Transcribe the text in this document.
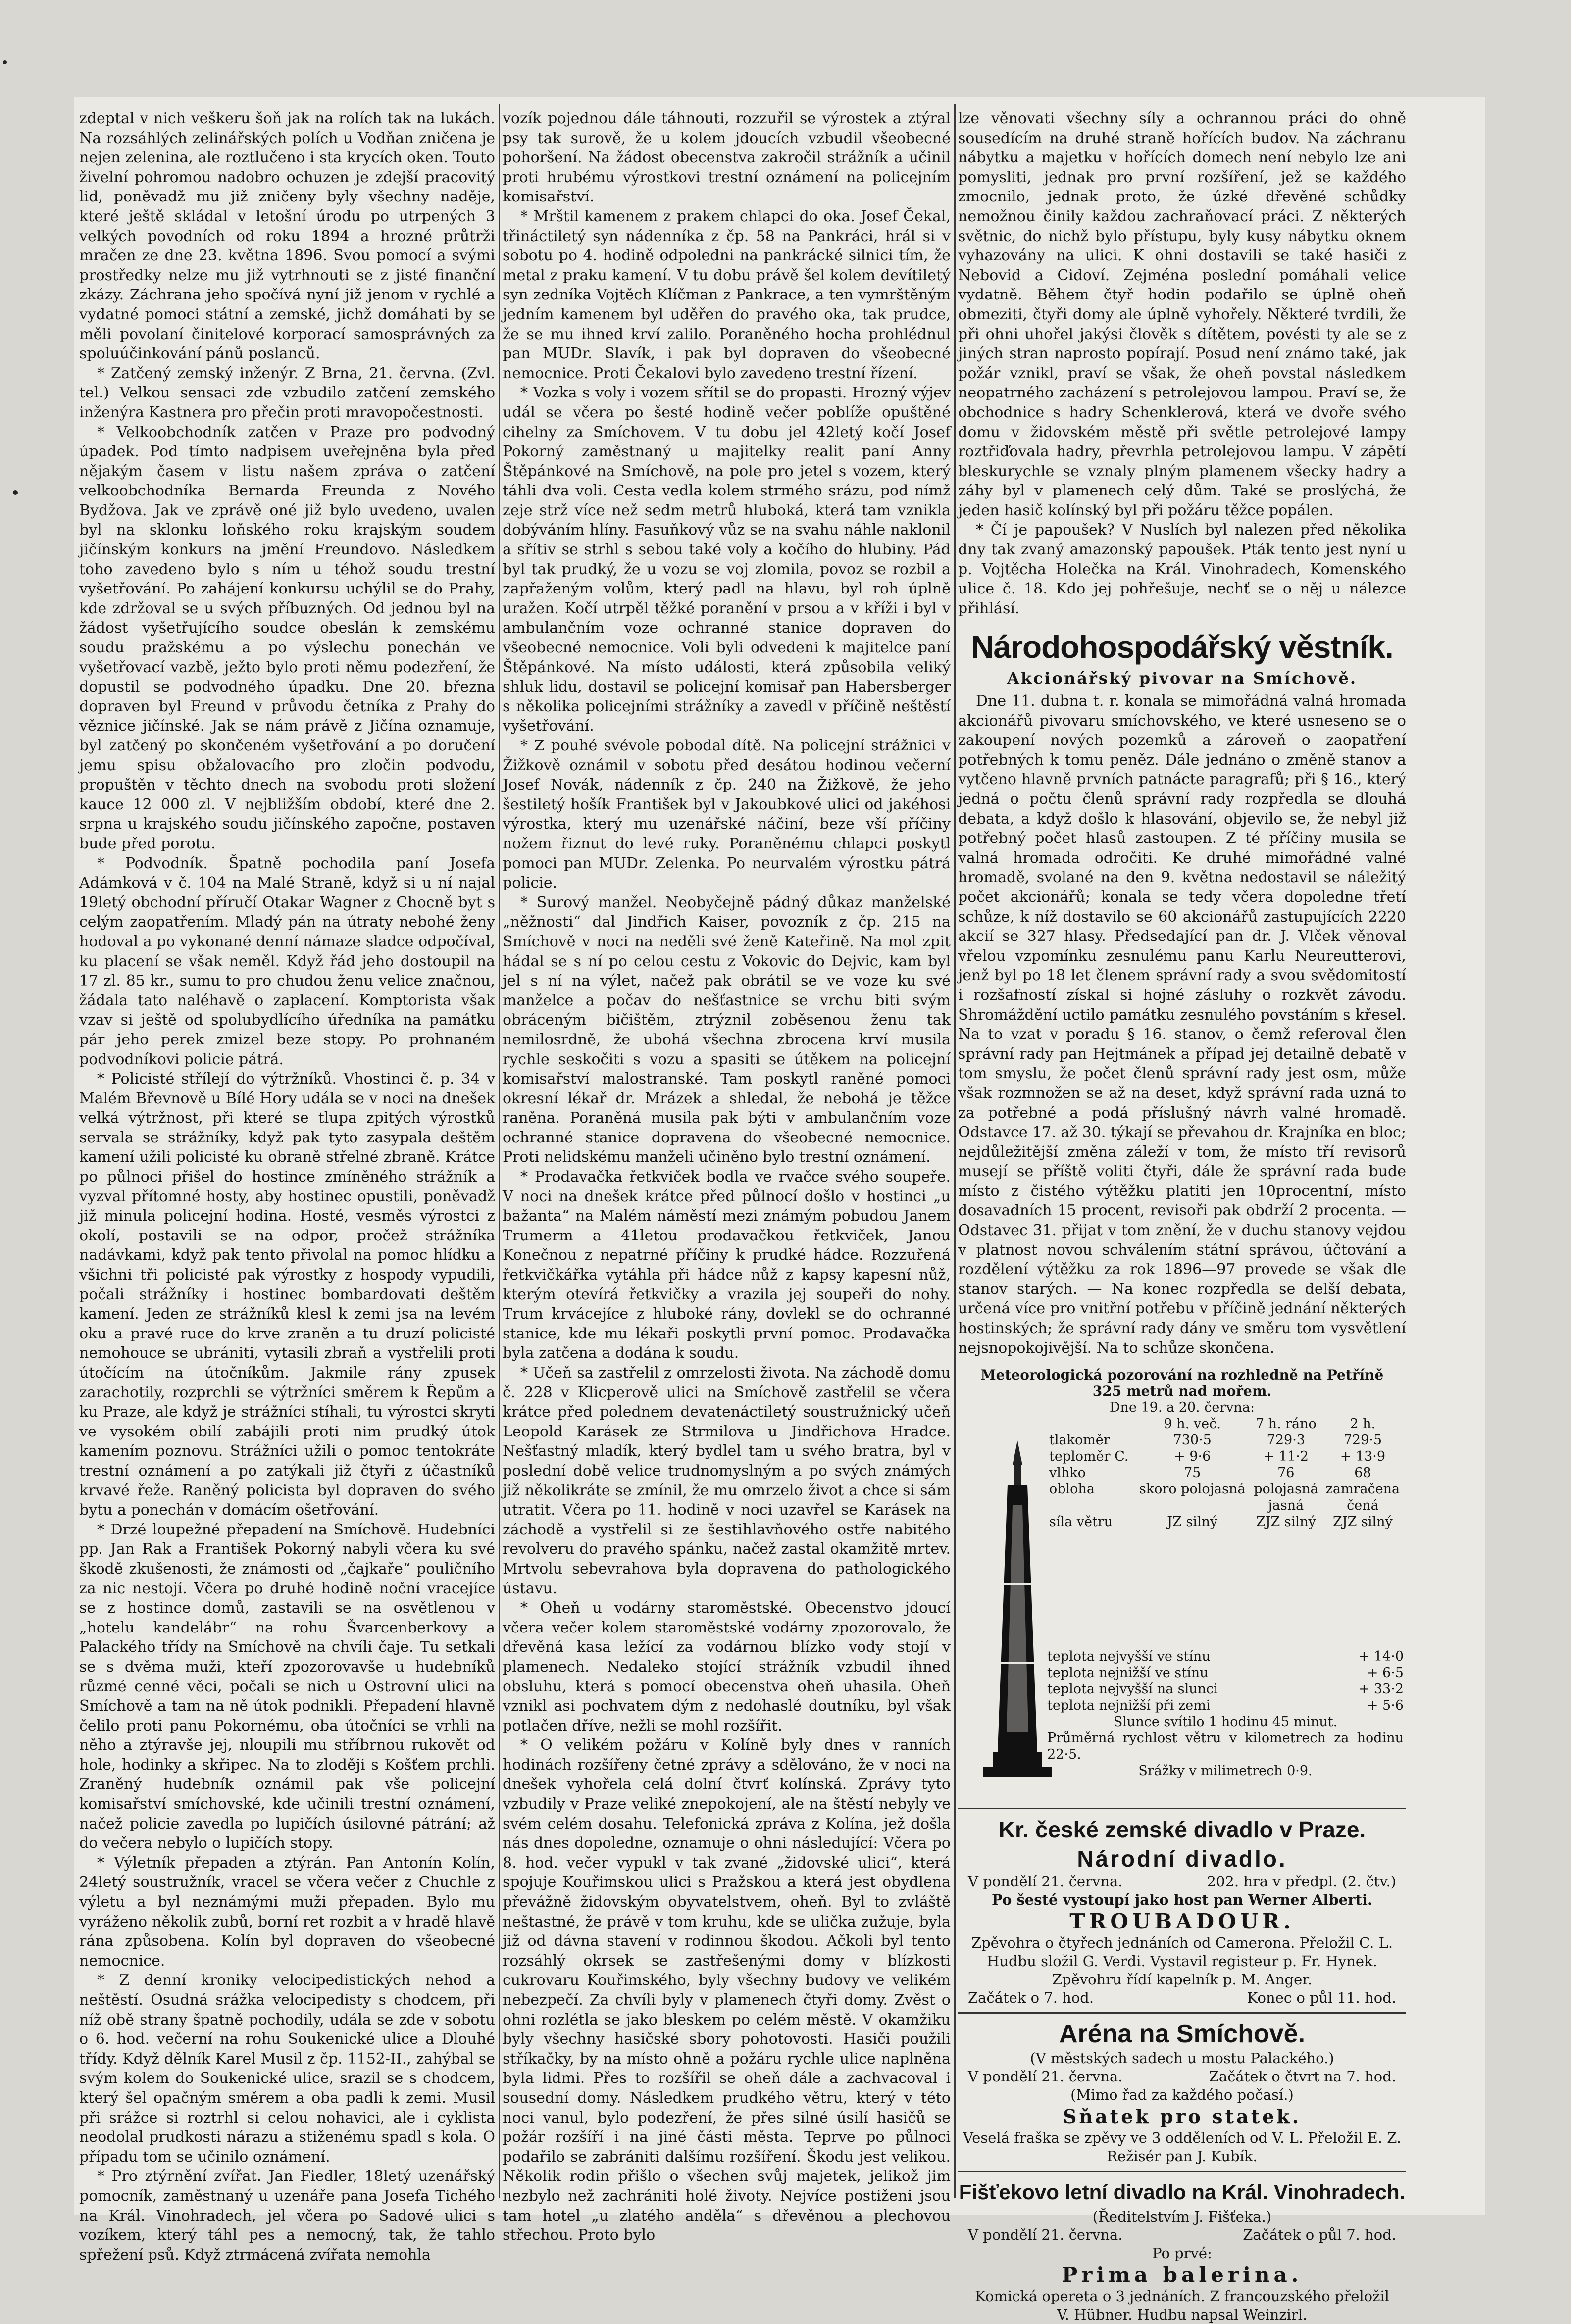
zdeptal v nich veškeru šoň jak na rolích tak na lukách. Na rozsáhlých zelinářských polích u Vodňan zničena je nejen zelenina, ale roztlučeno i sta krycích oken. Touto živelní pohromou nadobro ochuzen je zdejší pracovitý lid, poněvadž mu již zničeny byly všechny naděje, které ještě skládal v letošní úrodu po utrpených 3 velkých povodních od roku 1894 a hrozné průtrži mračen ze dne 23. května 1896. Svou pomocí a svými prostředky nelze mu již vytrhnouti se z jisté finanční zkázy. Záchrana jeho spočívá nyní již jenom v rychlé a vydatné pomoci státní a zemské, jichž domáhati by se měli povolaní činitelové korporací samosprávných za spoluúčinkování pánů poslanců.

* Zatčený zemský inženýr. Z Brna, 21. června. (Zvl. tel.) Velkou sensaci zde vzbudilo zatčení zemského inženýra Kastnera pro přečin proti mravopočestnosti.

* Velkoobchodník zatčen v Praze pro podvodný úpadek. Pod tímto nadpisem uveřejněna byla před nějakým časem v listu našem zpráva o zatčení velkoobchodníka Bernarda Freunda z Nového Bydžova. Jak ve zprávě oné již bylo uvedeno, uvalen byl na sklonku loňského roku krajským soudem jičínským konkurs na jmění Freundovo. Následkem toho zavedeno bylo s ním u téhož soudu trestní vyšetřování. Po zahájení konkursu uchýlil se do Prahy, kde zdržoval se u svých příbuzných. Od jednou byl na žádost vyšetřujícího soudce obeslán k zemskému soudu pražskému a po výslechu ponechán ve vyšetřovací vazbě, ježto bylo proti němu podezření, že dopustil se podvodného úpadku. Dne 20. března dopraven byl Freund v průvodu četníka z Prahy do věznice jičínské. Jak se nám právě z Jičína oznamuje, byl zatčený po skončeném vyšetřování a po doručení jemu spisu obžalovacího pro zločin podvodu, propuštěn v těchto dnech na svobodu proti složení kauce 12 000 zl. V nejbližším období, které dne 2. srpna u krajského soudu jičínského započne, postaven bude před porotu.

* Podvodník. Špatně pochodila paní Josefa Adámková v č. 104 na Malé Straně, když si u ní najal 19letý obchodní příručí Otakar Wagner z Chocně byt s celým zaopatřením. Mladý pán na útraty nebohé ženy hodoval a po vykonané denní námaze sladce odpočíval, ku placení se však neměl. Když řád jeho dostoupil na 17 zl. 85 kr., sumu to pro chudou ženu velice značnou, žádala tato naléhavě o zaplacení. Komptoristа však vzav si ještě od spolubydlícího úředníka na památku pár jeho perek zmizel beze stopy. Po prohnaném podvodníkovi policie pátrá.

* Policisté střílejí do výtržníků. Vhostinci č. p. 34 v Malém Břevnově u Bílé Hory udála se v noci na dnešek velká výtržnost, při které se tlupa zpitých výrostků servala se strážníky, když pak tyto zasypala deštěm kamení užili policisté ku obraně střelné zbraně. Krátce po půlnoci přišel do hostince zmíněného strážník a vyzval přítomné hosty, aby hostinec opustili, poněvadž již minula policejní hodina. Hosté, vesměs výrostci z okolí, postavili se na odpor, pročež strážníka nadávkami, když pak tento přivolal na pomoc hlídku a všichni tři policisté pak výrostky z hospody vypudili, počali strážníky i hostinec bombardovati deštěm kamení. Jeden ze strážníků klesl k zemi jsa na levém oku a pravé ruce do krve zraněn a tu druzí policisté nemohouce se ubrániti, vytasili zbraň a vystřelili proti útočícím na útočníkům. Jakmile rány zpusek zarachotily, rozprchli se výtržníci směrem k Řepům a ku Praze, ale když je strážníci stíhali, tu výrostci skryti ve vysokém obilí zabájili proti nim prudký útok kamením poznovu. Strážníci užili o pomoc tentokráte trestní oznámení a po zatýkali již čtyři z účastníků krvavé řeže. Raněný policista byl dopraven do svého bytu a ponechán v domácím ošetřování.

* Drzé loupežné přepadení na Smíchově. Hudebníci pp. Jan Rak a František Pokorný nabyli včera ku své škodě zkušenosti, že známosti od „čajkaře“ pouličního za nic nestojí. Včera po druhé hodině noční vracejíce se z hostince domů, zastavili se na osvětlenou v „hotelu kandelábr“ na rohu Švarcenberkovy a Palackého třídy na Smíchově na chvíli čaje. Tu setkali se s dvěma muži, kteří zpozorovavše u hudebníků růzmé cenné věci, počali se nich u Ostrovní ulici na Smíchově a tam na ně útok podnikli. Přepadení hlavně čelilo proti panu Pokornému, oba útočníci se vrhli na něho a ztýravše jej, nloupili mu stříbrnou rukovět od hole, hodinky a skřipec. Na to zloději s Košťem prchli. Zraněný hudebník oznámil pak vše policejní komisařství smíchovské, kde učinili trestní oznámení, načež policie zavedla po lupičích úsilovné pátrání; až do večera nebylo o lupičích stopy.

* Výletník přepaden a ztýrán. Pan Antonín Kolín, 24letý soustružník, vracel se včera večer z Chuchle z výletu a byl neznámými muži přepaden. Bylo mu vyráženo několik zubů, borní ret rozbit a v hradě hlavě rána způsobena. Kolín byl dopraven do všeobecné nemocnice.

* Z denní kroniky velocipedistických nehod a neštěstí. Osudná srážka velocipedisty s chodcem, při níž obě strany špatně pochodily, udála se zde v sobotu o 6. hod. večerní na rohu Soukenické ulice a Dlouhé třídy. Když dělník Karel Musil z čp. 1152-II., zahýbal se svým kolem do Soukenické ulice, srazil se s chodcem, který šel opačným směrem a oba padli k zemi. Musil při srážce si roztrhl si celou nohavici, ale i cyklista neodolal prudkosti nárazu a stiženému spadl s kola. O případu tom se učinilo oznámení.

* Pro ztýrnění zvířat. Jan Fiedler, 18letý uzenářský pomocník, zaměstnaný u uzenáře pana Josefa Tichého na Král. Vinohradech, jel včera po Sadové ulici s vozíkem, který táhl pes a nemocný, tak, že tahlo spřežení psů. Když ztrmácená zvířata nemohla

vozík pojednou dále táhnouti, rozzuřil se výrostek a ztýral psy tak surově, že u kolem jdoucích vzbudil všeobecné pohoršení. Na žádost obecenstva zakročil strážník a učinil proti hrubému výrostkovi trestní oznámení na policejním komisařství.

* Mrštil kamenem z prakem chlapci do oka. Josef Čekal, třináctiletý syn nádenníka z čp. 58 na Pankráci, hrál si v sobotu po 4. hodině odpoledni na pankrácké silnici tím, že metal z praku kamení. V tu dobu právě šel kolem devítiletý syn zedníka Vojtěch Klíčman z Pankrace, a ten vymrštěným jedním kamenem byl uděřen do pravého oka, tak prudce, že se mu ihned krví zalilo. Poraněného hocha prohlédnul pan MUDr. Slavík, i pak byl dopraven do všeobecné nemocnice. Proti Čekalovi bylo zavedeno trestní řízení.

* Vozka s voly i vozem sřítil se do propasti. Hrozný výjev udál se včera po šesté hodině večer poblíže opuštěné cihelny za Smíchovem. V tu dobu jel 42letý kočí Josef Pokorný zaměstnaný u majitelky realit paní Anny Štěpánkové na Smíchově, na pole pro jetel s vozem, který táhli dva voli. Cesta vedla kolem strmého srázu, pod nímž zeje strž více než sedm metrů hluboká, která tam vznikla dobýváním hlíny. Fasuňkový vůz se na svahu náhle naklonil a sřítiv se strhl s sebou také voly a kočího do hlubiny. Pád byl tak prudký, že u vozu se voj zlomila, povoz se rozbil a zapřaženým volům, který padl na hlavu, byl roh úplně uražen. Kočí utrpěl těžké poranění v prsou a v kříži i byl v ambulančním voze ochranné stanice dopraven do všeobecné nemocnice. Voli byli odvedeni k majitelce paní Štěpánkové. Na místo události, která způsobila veliký shluk lidu, dostavil se policejní komisař pan Habersberger s několika policejními strážníky a zavedl v příčině neštěstí vyšetřování.

* Z pouhé svévole pobodal dítě. Na policejní strážnici v Žižkově oznámil v sobotu před desátou hodinou večerní Josef Novák, nádenník z čp. 240 na Žižkově, že jeho šestiletý hošík František byl v Jakoubkové ulici od jakéhosi výrostka, který mu uzenářské náčiní, beze vší příčiny nožem řiznut do levé ruky. Poraněnému chlapci poskytl pomoci pan MUDr. Zelenka. Po neurvalém výrostku pátrá policie.

* Surový manžel. Neobyčejně pádný důkaz manželské „něžnosti“ dal Jindřich Kaiser, povozník z čp. 215 na Smíchově v noci na neděli své ženě Kateřině. Na mol zpit hádal se s ní po celou cestu z Vokovic do Dejvic, kam byl jel s ní na výlet, načež pak obrátil se ve voze ku své manželce a počav do nešťastnice se vrchu biti svým obráceným bičištěm, ztrýznil zoběsenou ženu tak nemilosrdně, že ubohá všechna zbrocena krví musila rychle seskočiti s vozu a spasiti se útěkem na policejní komisařství malostranské. Tam poskytl raněné pomoci okresní lékař dr. Mrázek a shledal, že nebohá je těžce raněna. Poraněná musila pak býti v ambulančním voze ochranné stanice dopravena do všeobecné nemocnice. Proti nelidskému manželi učiněno bylo trestní oznámení.

* Prodavačka řetkviček bodla ve rvačce svého soupeře. V noci na dnešek krátce před půlnocí došlo v hostinci „u bažanta“ na Malém náměstí mezi známým pobudou Janem Trumerm a 41letou prodavačkou řetkviček, Janou Konečnou z nepatrné příčiny k prudké hádce. Rozzuřená řetkvičkářka vytáhla při hádce nůž z kapsy kapesní nůž, kterým otevírá řetkvičky a vrazila jej soupeři do nohy. Trum krvácejíce z hluboké rány, dovlekl se do ochranné stanice, kde mu lékaři poskytli první pomoc. Prodavačka byla zatčena a dodána k soudu.

* Učeň sa zastřelil z omrzelosti života. Na záchodě domu č. 228 v Klicperově ulici na Smíchově zastřelil se včera krátce před polednem devatenáctiletý soustružnický učeň Leopold Karásek ze Strmilova u Jindřichova Hradce. Nešťastný mladík, který bydlel tam u svého bratra, byl v poslední době velice trudnomyslným a po svých známých již několikráte se zmínil, že mu omrzelo život a chce si sám utratit. Včera po 11. hodině v noci uzavřel se Karásek na záchodě a vystřelil si ze šestihlavňového ostře nabitého revolveru do pravého spánku, načež zastal okamžitě mrtev. Mrtvolu sebevrahova byla dopravena do pathologického ústavu.

* Oheň u vodárny staroměstské. Obecenstvo jdoucí včera večer kolem staroměstské vodárny zpozorovalo, že dřevěná kasa ležící za vodárnou blízko vody stojí v plamenech. Nedaleko stojící strážník vzbudil ihned obsluhu, která s pomocí obecenstva oheň uhasila. Oheň vznikl asi pochvatem dým z nedohaslé doutníku, byl však potlačen dříve, nežli se mohl rozšířit.

* O velikém požáru v Kolíně byly dnes v ranních hodinách rozšířeny četné zprávy a sdělováno, že v noci na dnešek vyhořela celá dolní čtvrť kolínská. Zprávy tyto vzbudily v Praze veliké znepokojení, ale na štěstí nebyly ve svém celém dosahu. Telefonická zpráva z Kolína, jež došla nás dnes dopoledne, oznamuje o ohni následující: Včera po 8. hod. večer vypukl v tak zvané „židovské ulici“, která spojuje Kouřimskou ulici s Pražskou a která jest obydlena převážně židovským obyvatelstvem, oheň. Byl to zvláště neštastné, že právě v tom kruhu, kde se ulička zužuje, byla již od dávna stavení v rodinnou škodou. Ačkoli byl tento rozsáhlý okrsek se zastřešenými domy v blízkosti cukrovaru Kouřimského, byly všechny budovy ve velikém nebezpečí. Za chvíli byly v plamenech čtyři domy. Zvěst o ohni rozlétla se jako bleskem po celém městě. V okamžiku byly všechny hasičské sbory pohotovosti. Hasiči použili stříkačky, by na místo ohně a požáru rychle ulice naplněna byla lidmi. Přes to rozšířil se oheň dále a zachvacoval i sousední domy. Následkem prudkého větru, který v této noci vanul, bylo podezření, že přes silné úsilí hasičů se požár rozšíří i na jiné části města. Teprve po půlnoci podařilo se zabrániti dalšímu rozšíření. Škodu jest velikou. Několik rodin přišlo o všechen svůj majetek, jelikož jim nezbylo než zachrániti holé životy. Nejvíce postiženi jsou tam hotel „u zlatého anděla“ s dřevěnou a plechovou střechou. Proto bylo

lze věnovati všechny síly a ochrannou práci do ohně sousedícím na druhé straně hořících budov. Na záchranu nábytku a majetku v hořících domech není nebylo lze ani pomysliti, jednak pro první rozšíření, jež se každého zmocnilo, jednak proto, že úzké dřevěné schůdky nemožnou činily každou zachraňovací práci. Z některých světnic, do nichž bylo přístupu, byly kusy nábytku oknem vyhazovány na ulici. K ohni dostavili se také hasiči z Nebovid a Cidoví. Zejména poslední pomáhali velice vydatně. Během čtyř hodin podařilo se úplně oheň obmeziti, čtyři domy ale úplně vyhořely. Některé tvrdili, že při ohni uhořel jakýsi člověk s dítětem, povésti ty ale se z jiných stran naprosto popírají. Posud není známo také, jak požár vznikl, praví se však, že oheň povstal následkem neopatrného zacházení s petrolejovou lampou. Praví se, že obchodnice s hadry Schenklerová, která ve dvoře svého domu v židovském městě při světle petrolejové lampy roztřiďovala hadry, převrhla petrolejovou lampu. V zápětí bleskurychle se vznaly plným plamenem všecky hadry a záhy byl v plamenech celý dům. Také se proslýchá, že jeden hasič kolínský byl při požáru těžce popálen.

* Čí je papoušek? V Nuslích byl nalezen před několika dny tak zvaný amazonský papoušek. Pták tento jest nyní u p. Vojtěcha Holečka na Král. Vinohradech, Komenského ulice č. 18. Kdo jej pohřešuje, nechť se o něj u nálezce přihlásí.

Národohospodářský věstník.
Akcionářský pivovar na Smíchově.

Dne 11. dubna t. r. konala se mimořádná valná hromada akcionářů pivovaru smíchovského, ve které usneseno se o zakoupení nových pozemků a zároveň o zaopatření potřebných k tomu peněz. Dále jednáno o změně stanov a vytčeno hlavně prvních patnácte paragrafů; při § 16., který jedná o počtu členů správní rady rozpředla se dlouhá debata, a když došlo k hlasování, objevilo se, že nebyl již potřebný počet hlasů zastoupen. Z té příčiny musila se valná hromada odročiti. Ke druhé mimořádné valné hromadě, svolané na den 9. května nedostavil se náležitý počet akcionářů; konala se tedy včera dopoledne třetí schůze, k níž dostavilo se 60 akcionářů zastupujících 2220 akcií se 327 hlasy. Předsedající pan dr. J. Vlček věnoval vřelou vzpomínku zesnulému panu Karlu Neureutterovi, jenž byl po 18 let členem správní rady a svou svědomitostí i rozšafností získal si hojné zásluhy o rozkvět závodu. Shromáždění uctilo památku zesnulého povstáním s křesel. Na to vzat v poradu § 16. stanov, o čemž referoval člen správní rady pan Hejtmánek a případ jej detailně debatě v tom smyslu, že počet členů správní rady jest osm, může však rozmnožen se až na deset, když správní rada uzná to za potřebné a podá příslušný návrh valné hromadě. Odstavce 17. až 30. týkají se převahou dr. Krajníka en bloc; nejdůležitější změna záleží v tom, že místo tří revisorů musejí se příště voliti čtyři, dále že správní rada bude místo z čistého výtěžku platiti jen 10procentní, místo dosavadních 15 procent, revisoři pak obdrží 2 procenta. — Odstavec 31. přijat v tom znění, že v duchu stanovy vejdou v platnost novou schválením státní správou, účtování a rozdělení výtěžku za rok 1896—97 provede se však dle stanov starých. — Na konec rozpředla se delší debata, určená více pro vnitřní potřebu v příčině jednání některých hostinských; že správní rady dány ve směru tom vysvětlení nejsnopokojivější. Na to schůze skončena.

Meteorologická pozorování na rozhledně na Petříně
325 metrů nad mořem.
Dne 19. a 20. června:
	9 h. več.	7 h. ráno	2 h.
tlakoměr	730·5	729·3	729·5
teploměr C.	+ 9·6	+ 11·2	+ 13·9
vlhko	75	76	68
obloha	skoro polojasná	polojasná	zamračena
		jasná	čená
síla větru	JZ silný	ZJZ silný	ZJZ silný
teplota nejvyšší ve stínu	+ 14·0
teplota nejnižší ve stínu	+ 6·5
teplota nejvyšší na slunci	+ 33·2
teplota nejnižší při zemi	+ 5·6
Slunce svítilo 1 hodinu 45 minut.
Průměrná rychlost větru v kilometrech za hodinu 22·5.
Srážky v milimetrech 0·9.
Kr. české zemské divadlo v Praze.
Národní divadlo.
V pondělí 21. června.	202. hra v předpl. (2. čtv.)
Po šesté vystoupí jako host pan Werner Alberti.
TROUBADOUR.
Zpěvohra o čtyřech jednáních od Camerona. Přeložil C. L.
Hudbu složil G. Verdi. Vystavil registeur p. Fr. Hynek.
Zpěvohru řídí kapelník p. M. Anger.
Začátek o 7. hod.	Konec o půl 11. hod.
Aréna na Smíchově.
(V městských sadech u mostu Palackého.)
V pondělí 21. června.	Začátek o čtvrt na 7. hod.
(Mimo řad za každého počasí.)
Sňatek pro statek.
Veselá fraška se zpěvy ve 3 odděleních od V. L. Přeložil E. Z. Režisér pan J. Kubík.
Fišťekovo letní divadlo na Král. Vinohradech.
(Ředitelstvím J. Fišťeka.)
V pondělí 21. června.	Začátek o půl 7. hod.
Po prvé:
Prima balerina.
Komická opereta o 3 jednáních. Z francouzského přeložil
V. Hübner. Hudbu napsal Weinzirl.
